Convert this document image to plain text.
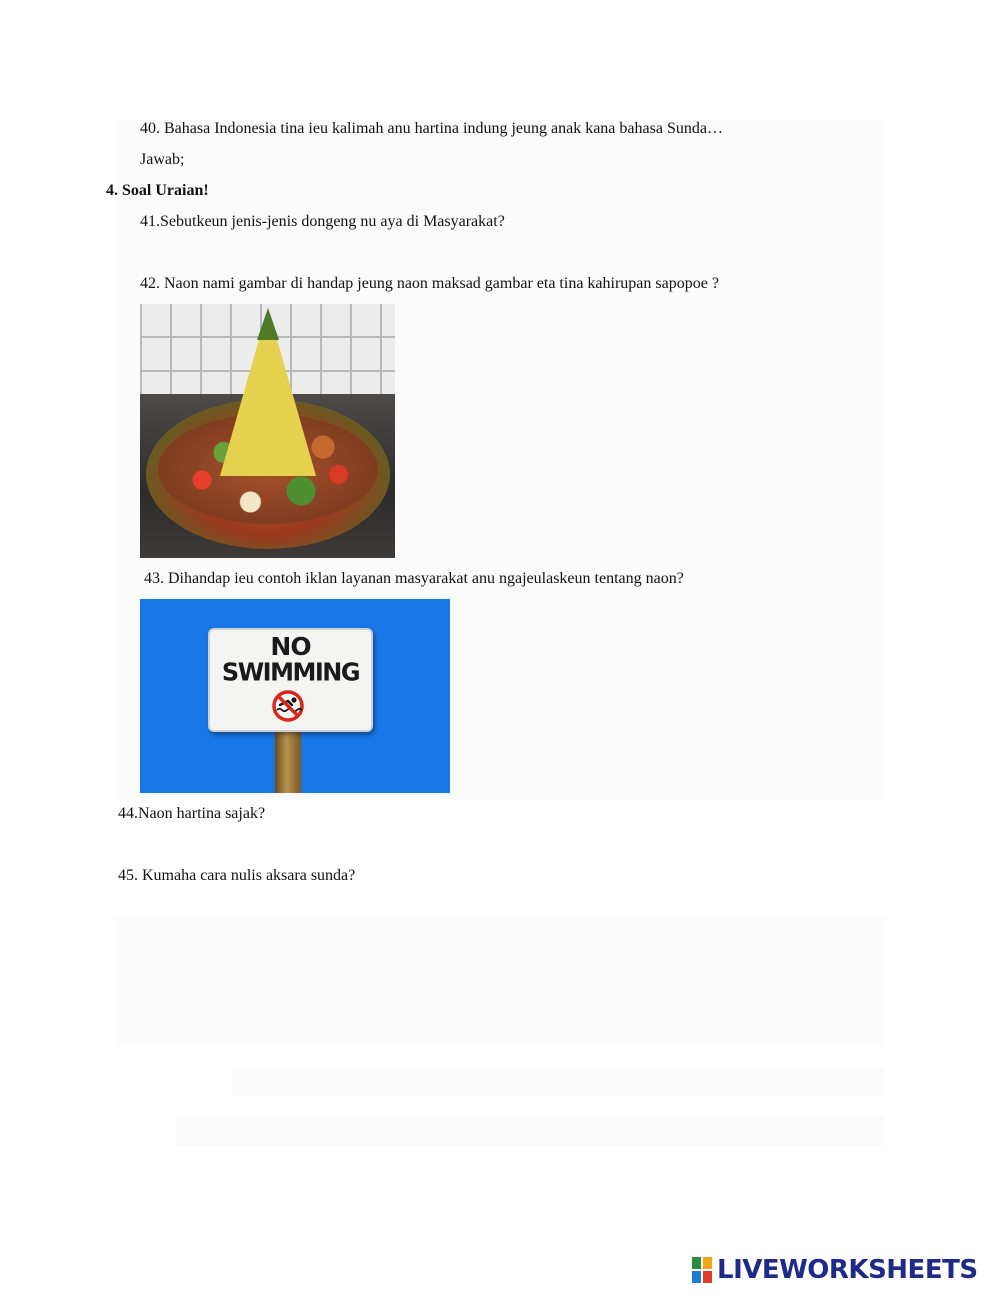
40. Bahasa Indonesia tina ieu kalimah anu hartina indung jeung anak kana bahasa Sunda…
Jawab;
4. Soal Uraian!
41.Sebutkeun jenis-jenis dongeng nu aya di Masyarakat?
42. Naon nami gambar di handap jeung naon maksad gambar eta tina kahirupan sapopoe ?
43. Dihandap ieu contoh iklan layanan masyarakat anu ngajeulaskeun tentang naon?
NO
SWIMMING
44.Naon hartina sajak?
45. Kumaha cara nulis aksara sunda?
LIVEWORKSHEETS
